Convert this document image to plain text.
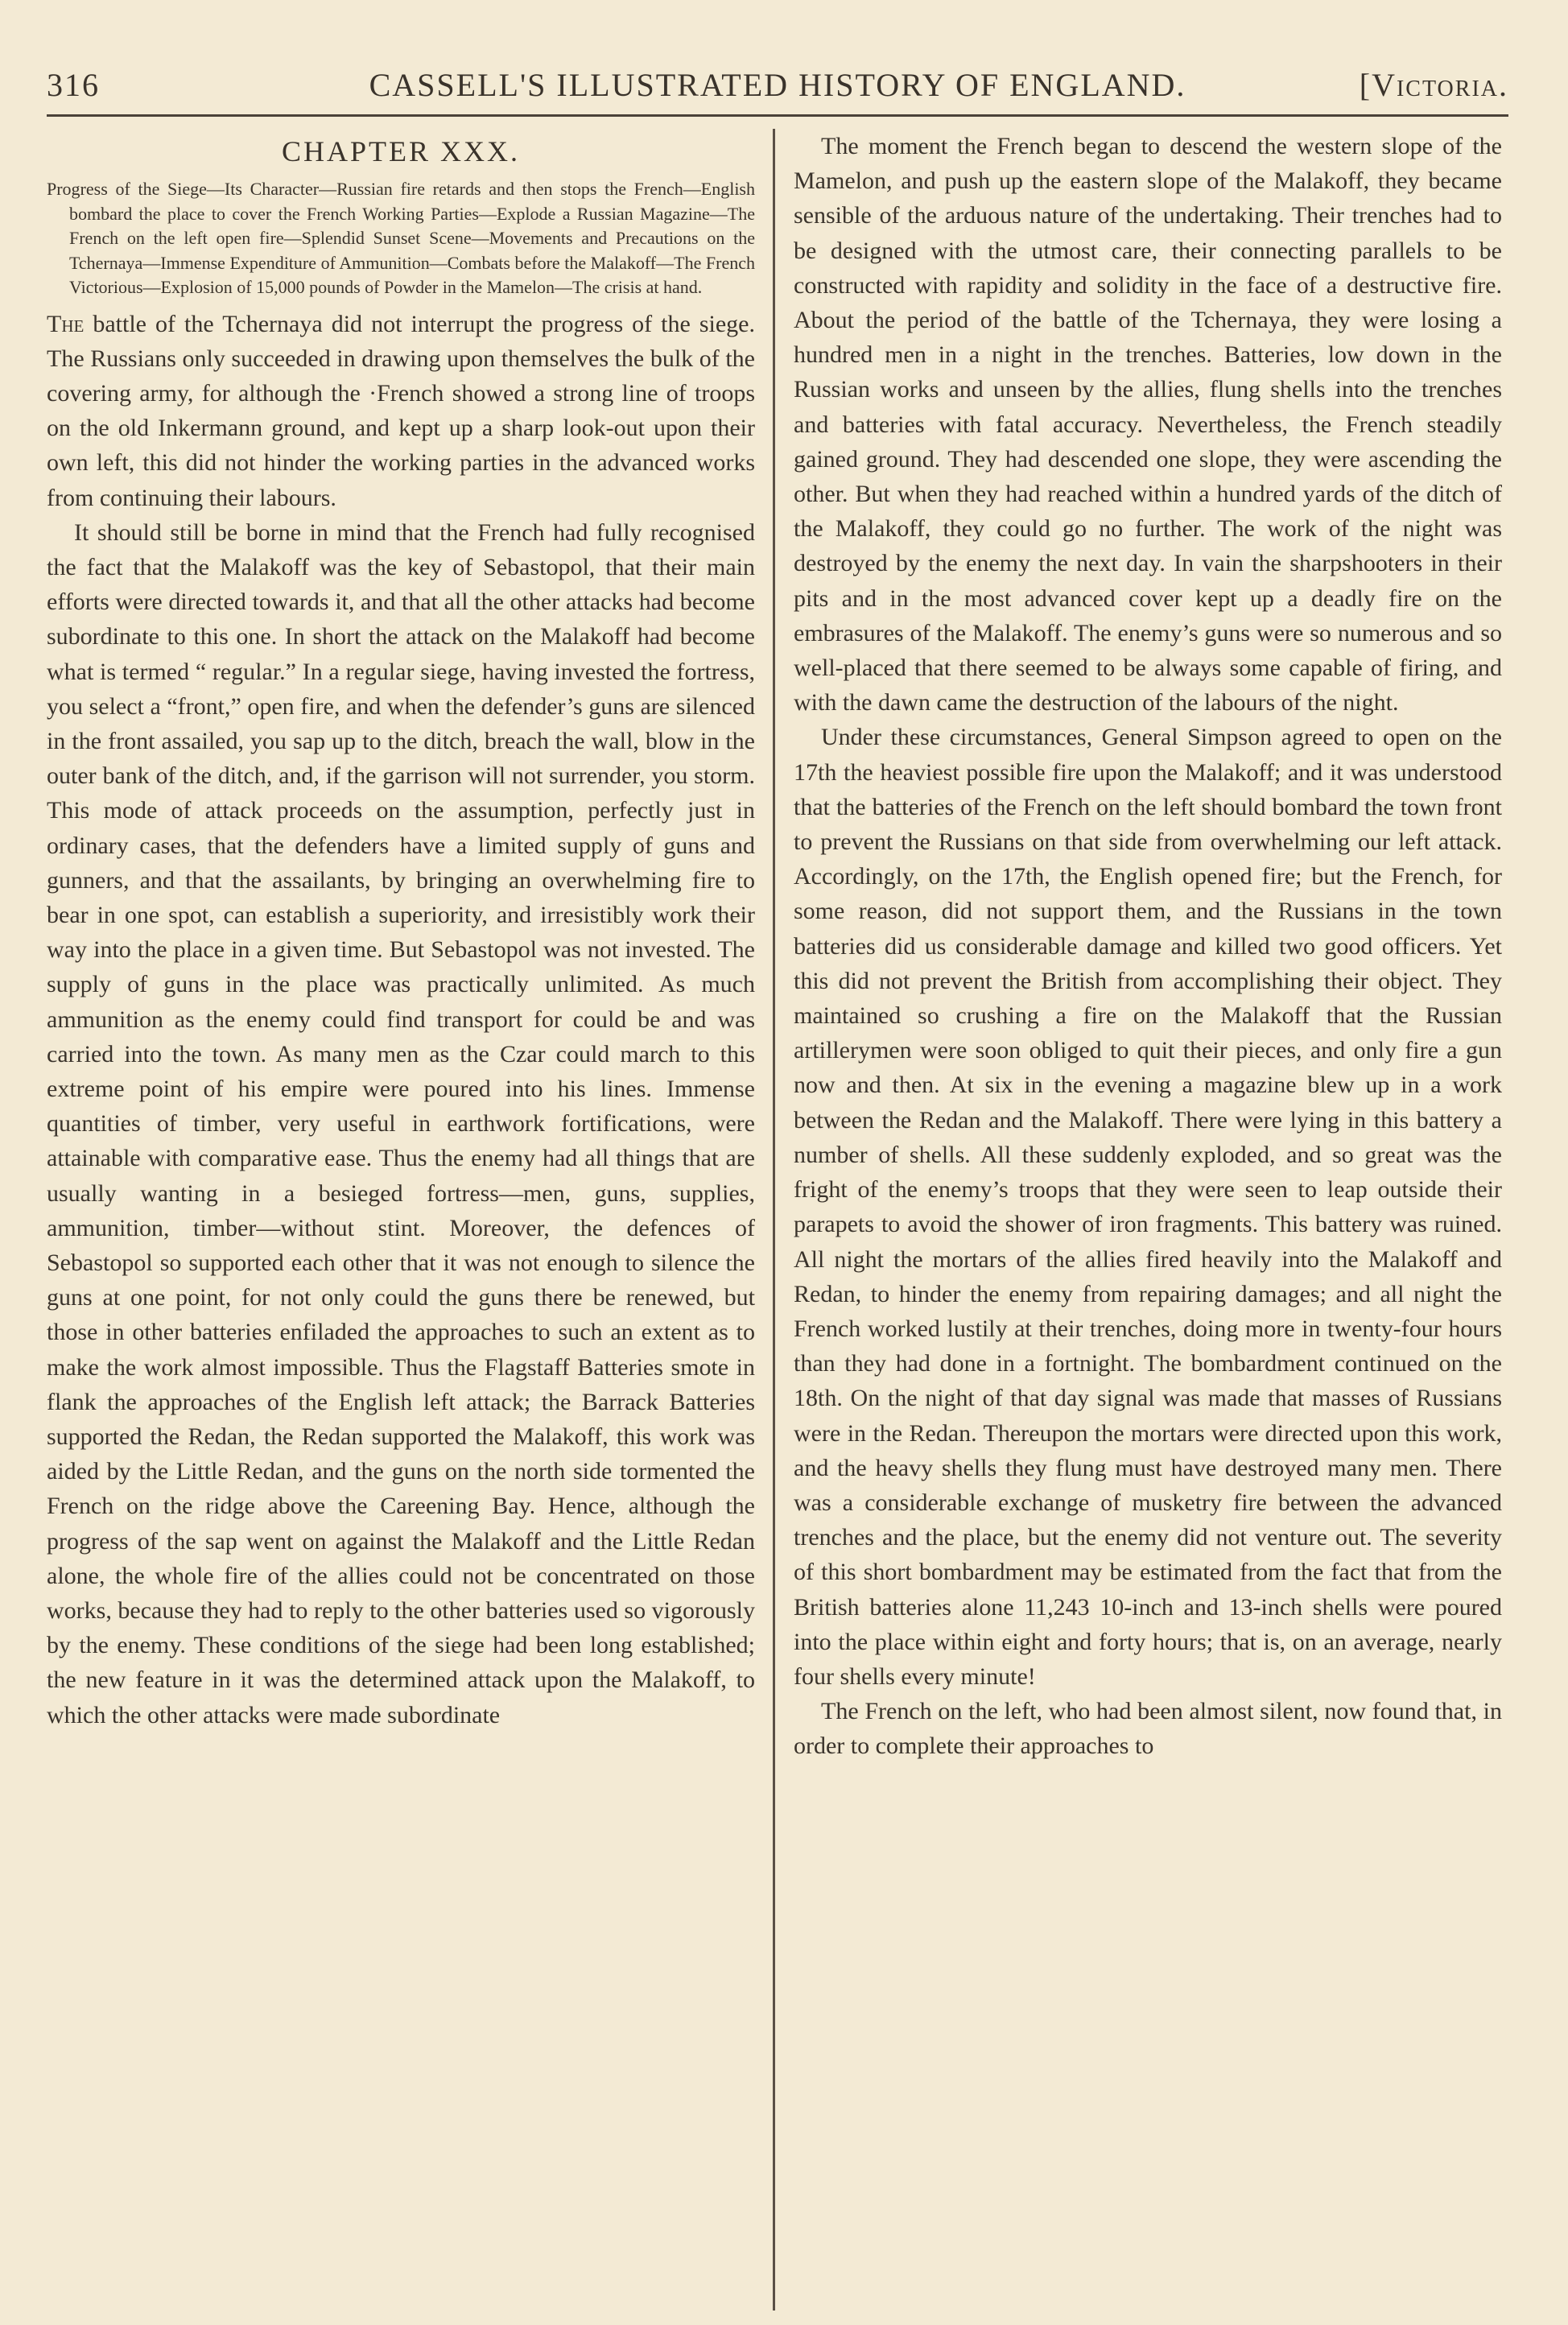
316	CASSELL'S ILLUSTRATED HISTORY OF ENGLAND.	[Victoria.
CHAPTER XXX.

Progress of the Siege—Its Character—Russian fire retards and then stops the French—English bombard the place to cover the French Working Parties—Explode a Russian Magazine—The French on the left open fire—Splendid Sunset Scene—Movements and Precautions on the Tchernaya—Immense Expenditure of Ammunition—Combats before the Malakoff—The French Victorious—Explosion of 15,000 pounds of Powder in the Mamelon—The crisis at hand.

The battle of the Tchernaya did not interrupt the progress of the siege. The Russians only succeeded in drawing upon themselves the bulk of the covering army, for although the ·French showed a strong line of troops on the old Inkermann ground, and kept up a sharp look-out upon their own left, this did not hinder the working parties in the advanced works from continuing their labours.

It should still be borne in mind that the French had fully recognised the fact that the Malakoff was the key of Sebastopol, that their main efforts were directed towards it, and that all the other attacks had become subordinate to this one. In short the attack on the Malakoff had become what is termed “ regular.” In a regular siege, having invested the fortress, you select a “front,” open fire, and when the defender’s guns are silenced in the front assailed, you sap up to the ditch, breach the wall, blow in the outer bank of the ditch, and, if the garrison will not surrender, you storm. This mode of attack proceeds on the assumption, perfectly just in ordinary cases, that the defenders have a limited supply of guns and gunners, and that the assailants, by bringing an overwhelming fire to bear in one spot, can establish a superiority, and irresistibly work their way into the place in a given time. But Sebastopol was not invested. The supply of guns in the place was practically unlimited. As much ammunition as the enemy could find transport for could be and was carried into the town. As many men as the Czar could march to this extreme point of his empire were poured into his lines. Immense quantities of timber, very useful in earthwork fortifications, were attainable with comparative ease. Thus the enemy had all things that are usually wanting in a besieged fortress—men, guns, supplies, ammunition, timber—without stint. Moreover, the defences of Sebastopol so supported each other that it was not enough to silence the guns at one point, for not only could the guns there be renewed, but those in other batteries enfiladed the approaches to such an extent as to make the work almost impossible. Thus the Flagstaff Batteries smote in flank the approaches of the English left attack; the Barrack Batteries supported the Redan, the Redan supported the Malakoff, this work was aided by the Little Redan, and the guns on the north side tormented the French on the ridge above the Careening Bay. Hence, although the progress of the sap went on against the Malakoff and the Little Redan alone, the whole fire of the allies could not be concentrated on those works, because they had to reply to the other batteries used so vigorously by the enemy. These conditions of the siege had been long established; the new feature in it was the determined attack upon the Malakoff, to which the other attacks were made subordinate

The moment the French began to descend the western slope of the Mamelon, and push up the eastern slope of the Malakoff, they became sensible of the arduous nature of the undertaking. Their trenches had to be designed with the utmost care, their connecting parallels to be constructed with rapidity and solidity in the face of a destructive fire. About the period of the battle of the Tchernaya, they were losing a hundred men in a night in the trenches. Batteries, low down in the Russian works and unseen by the allies, flung shells into the trenches and batteries with fatal accuracy. Nevertheless, the French steadily gained ground. They had descended one slope, they were ascending the other. But when they had reached within a hundred yards of the ditch of the Malakoff, they could go no further. The work of the night was destroyed by the enemy the next day. In vain the sharpshooters in their pits and in the most advanced cover kept up a deadly fire on the embrasures of the Malakoff. The enemy’s guns were so numerous and so well-placed that there seemed to be always some capable of firing, and with the dawn came the destruction of the labours of the night.

Under these circumstances, General Simpson agreed to open on the 17th the heaviest possible fire upon the Malakoff; and it was understood that the batteries of the French on the left should bombard the town front to prevent the Russians on that side from overwhelming our left attack. Accordingly, on the 17th, the English opened fire; but the French, for some reason, did not support them, and the Russians in the town batteries did us considerable damage and killed two good officers. Yet this did not prevent the British from accomplishing their object. They maintained so crushing a fire on the Malakoff that the Russian artillerymen were soon obliged to quit their pieces, and only fire a gun now and then. At six in the evening a magazine blew up in a work between the Redan and the Malakoff. There were lying in this battery a number of shells. All these suddenly exploded, and so great was the fright of the enemy’s troops that they were seen to leap outside their parapets to avoid the shower of iron fragments. This battery was ruined. All night the mortars of the allies fired heavily into the Malakoff and Redan, to hinder the enemy from repairing damages; and all night the French worked lustily at their trenches, doing more in twenty-four hours than they had done in a fortnight. The bombardment continued on the 18th. On the night of that day signal was made that masses of Russians were in the Redan. Thereupon the mortars were directed upon this work, and the heavy shells they flung must have destroyed many men. There was a considerable exchange of musketry fire between the advanced trenches and the place, but the enemy did not venture out. The severity of this short bombardment may be estimated from the fact that from the British batteries alone 11,243 10-inch and 13-inch shells were poured into the place within eight and forty hours; that is, on an average, nearly four shells every minute!

The French on the left, who had been almost silent, now found that, in order to complete their approaches to
